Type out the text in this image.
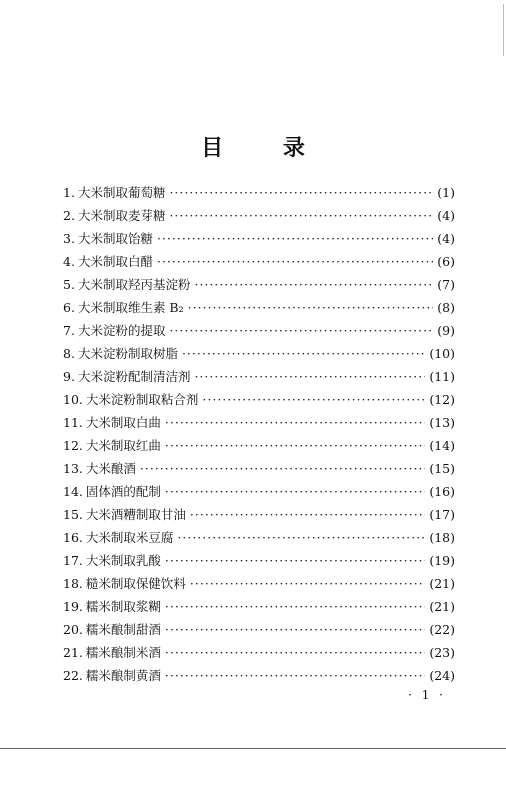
目 录
1. 大米制取葡萄糖 ·····	(1)
2. 大米制取麦芽糖 ·····	(4)
3. 大米制取饴糖 ·····	(4)
4. 大米制取白醋 ·····	(6)
5. 大米制取羟丙基淀粉 ·····	(7)
6. 大米制取维生素 B₂ ·····	(8)
7. 大米淀粉的提取 ·····	(9)
8. 大米淀粉制取树脂 ·····	(10)
9. 大米淀粉配制清洁剂 ·····	(11)
10. 大米淀粉制取粘合剂 ·····	(12)
11. 大米制取白曲 ·····	(13)
12. 大米制取红曲 ·····	(14)
13. 大米酿酒 ·····	(15)
14. 固体酒的配制 ·····	(16)
15. 大米酒糟制取甘油 ·····	(17)
16. 大米制取米豆腐 ·····	(18)
17. 大米制取乳酸 ·····	(19)
18. 糙米制取保健饮料 ·····	(21)
19. 糯米制取浆糊 ·····	(21)
20. 糯米酿制甜酒 ·····	(22)
21. 糯米酿制米酒 ·····	(23)
22. 糯米酿制黄酒 ·····	(24)
· 1 ·
